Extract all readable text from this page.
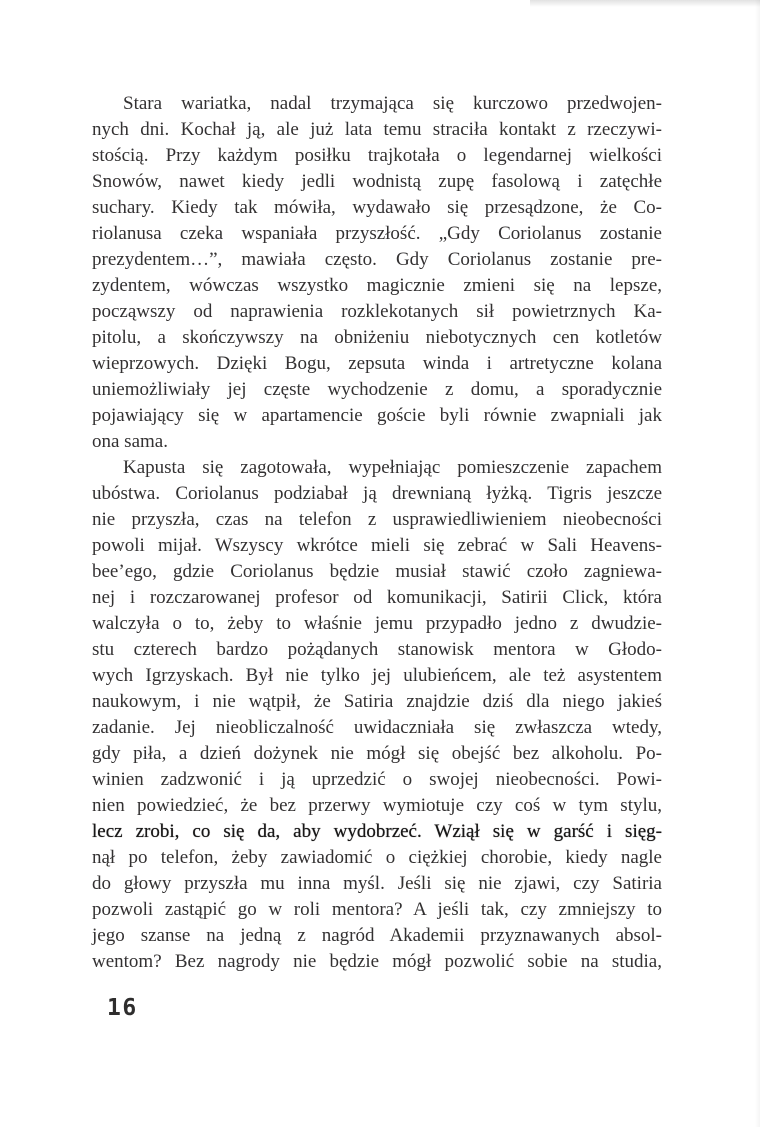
Stara wariatka, nadal trzymająca się kurczowo przedwojen-
nych dni. Kochał ją, ale już lata temu straciła kontakt z rzeczywi-
stością. Przy każdym posiłku trajkotała o legendarnej wielkości
Snowów, nawet kiedy jedli wodnistą zupę fasolową i zatęchłe
suchary. Kiedy tak mówiła, wydawało się przesądzone, że Co-
riolanusa czeka wspaniała przyszłość. „Gdy Coriolanus zostanie
prezydentem…”, mawiała często. Gdy Coriolanus zostanie pre-
zydentem, wówczas wszystko magicznie zmieni się na lepsze,
począwszy od naprawienia rozklekotanych sił powietrznych Ka-
pitolu, a skończywszy na obniżeniu niebotycznych cen kotletów
wieprzowych. Dzięki Bogu, zepsuta winda i artretyczne kolana
uniemożliwiały jej częste wychodzenie z domu, a sporadycznie
pojawiający się w apartamencie goście byli równie zwapniali jak
ona sama.
Kapusta się zagotowała, wypełniając pomieszczenie zapachem
ubóstwa. Coriolanus podziabał ją drewnianą łyżką. Tigris jeszcze
nie przyszła, czas na telefon z usprawiedliwieniem nieobecności
powoli mijał. Wszyscy wkrótce mieli się zebrać w Sali Heavens-
bee’ego, gdzie Coriolanus będzie musiał stawić czoło zagniewa-
nej i rozczarowanej profesor od komunikacji, Satirii Click, która
walczyła o to, żeby to właśnie jemu przypadło jedno z dwudzie-
stu czterech bardzo pożądanych stanowisk mentora w Głodo-
wych Igrzyskach. Był nie tylko jej ulubieńcem, ale też asystentem
naukowym, i nie wątpił, że Satiria znajdzie dziś dla niego jakieś
zadanie. Jej nieobliczalność uwidaczniała się zwłaszcza wtedy,
gdy piła, a dzień dożynek nie mógł się obejść bez alkoholu. Po-
winien zadzwonić i ją uprzedzić o swojej nieobecności. Powi-
nien powiedzieć, że bez przerwy wymiotuje czy coś w tym stylu,
lecz zrobi, co się da, aby wydobrzeć. Wziął się w garść i sięg-
nął po telefon, żeby zawiadomić o ciężkiej chorobie, kiedy nagle
do głowy przyszła mu inna myśl. Jeśli się nie zjawi, czy Satiria
pozwoli zastąpić go w roli mentora? A jeśli tak, czy zmniejszy to
jego szanse na jedną z nagród Akademii przyznawanych absol-
wentom? Bez nagrody nie będzie mógł pozwolić sobie na studia,
16
